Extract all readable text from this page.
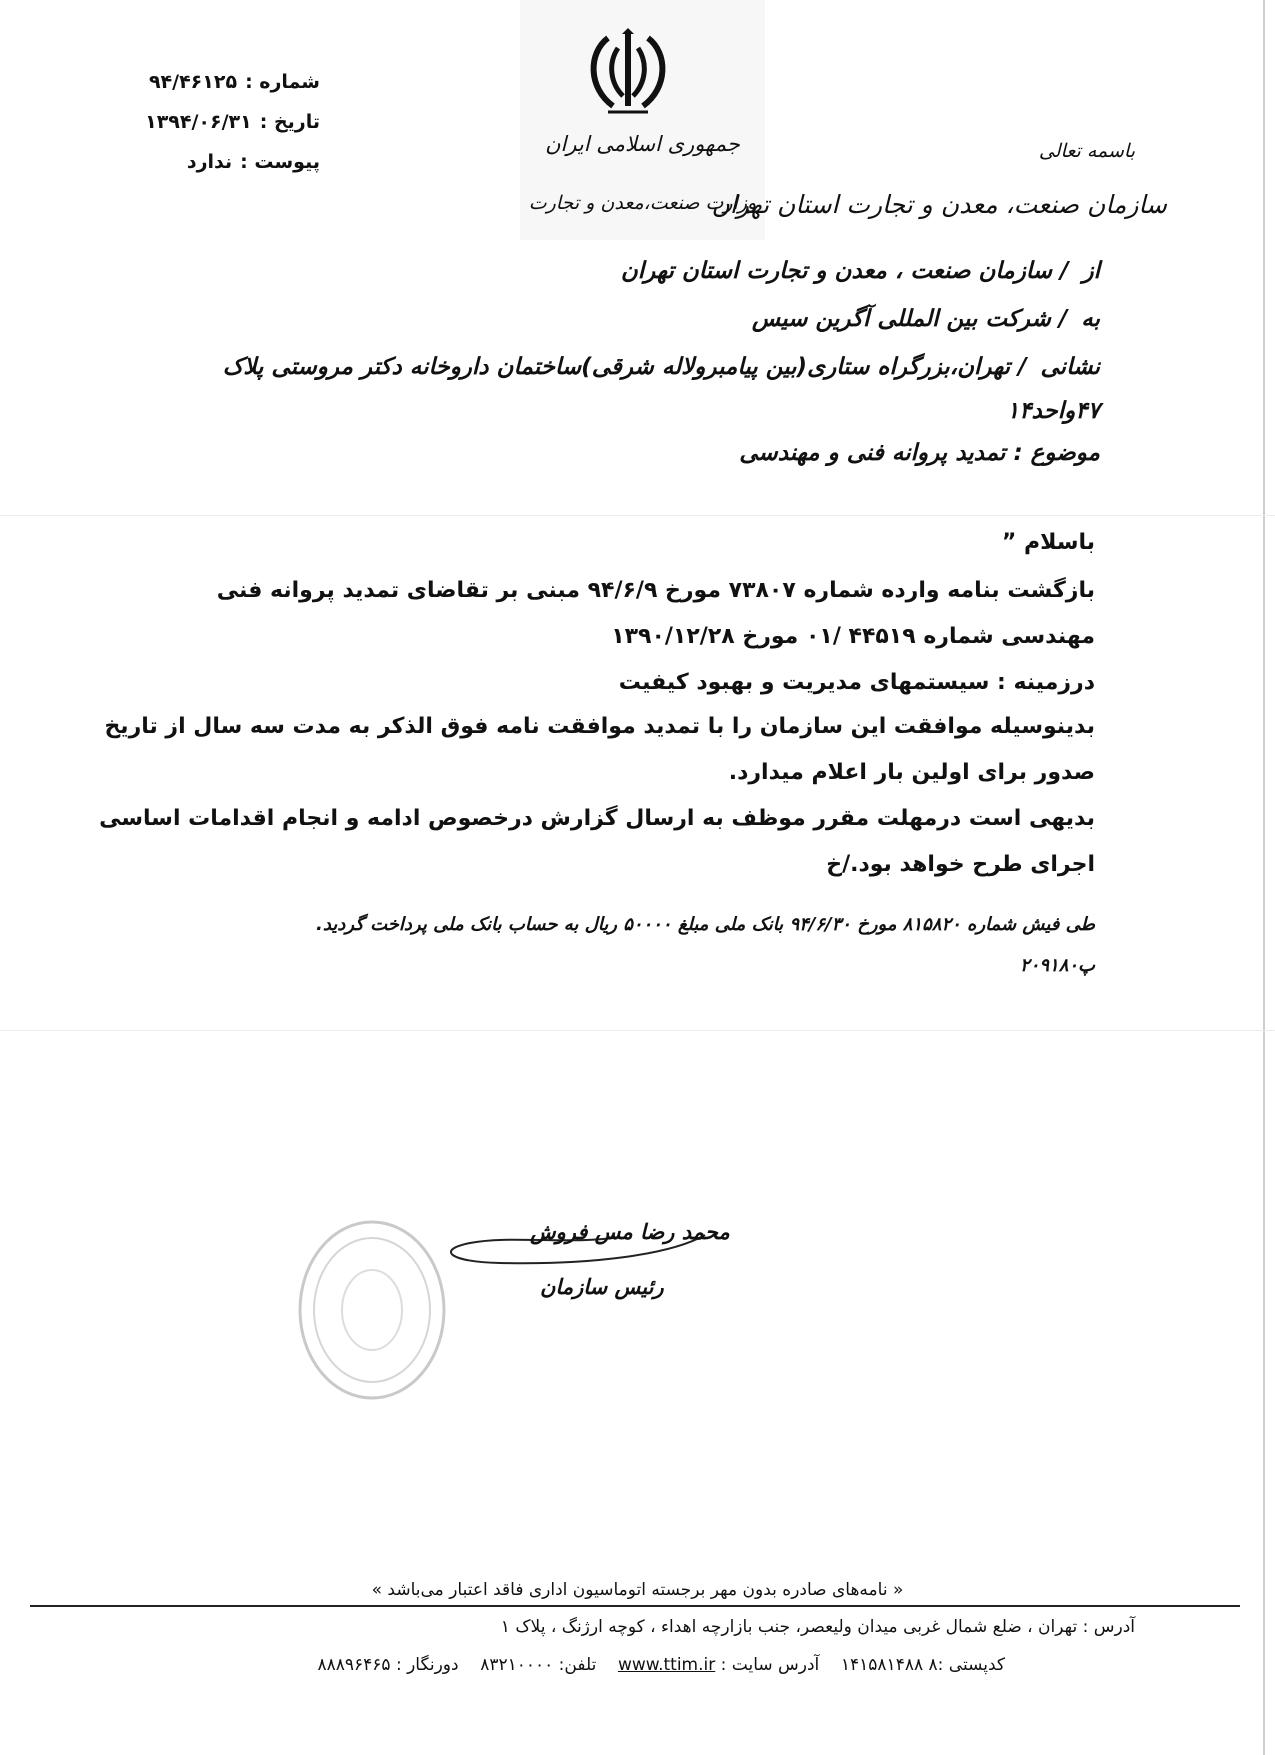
شماره :
۹۴/۴۶۱۲۵
تاریخ :
۱۳۹۴/۰۶/۳۱
پیوست :
ندارد
جمهوری اسلامی ایران
وزارت صنعت،معدن و تجارت
باسمه تعالی
سازمان صنعت، معدن و تجارت استان تهران
از/ سازمان صنعت ، معدن و تجارت استان تهران
به/ شرکت بین المللی آگرین سیس
نشانی/ تهران،بزرگراه ستاری(بین پیامبرولاله شرقی)ساختمان داروخانه دکتر مروستی پلاک
۴۷واحد۱۴
موضوع : تمدید پروانه فنی و مهندسی
باسلام ”
بازگشت بنامه وارده شماره ۷۳۸۰۷ مورخ ۹۴/۶/۹ مبنی بر تقاضای تمدید پروانه فنی
مهندسی شماره ۴۴۵۱۹ /۰۱ مورخ ۱۳۹۰/۱۲/۲۸
درزمینه : سیستمهای مدیریت و بهبود کیفیت
بدینوسیله موافقت این سازمان را با تمدید موافقت نامه فوق الذکر به مدت سه سال از تاریخ
صدور برای اولین بار اعلام میدارد.
بدیهی است درمهلت مقرر موظف به ارسال گزارش درخصوص ادامه و انجام اقدامات اساسی
اجرای طرح خواهد بود./خ
طی فیش شماره ۸۱۵۸۲۰ مورخ ۹۴/۶/۳۰ بانک ملی مبلغ ۵۰۰۰۰ ریال به حساب بانک ملی پرداخت گردید.
پ۲۰۹۱۸۰
محمد رضا مس فروش
رئیس سازمان
« نامه‌های صادره بدون مهر برجسته اتوماسیون اداری فاقد اعتبار می‌باشد »
آدرس : تهران ، ضلع شمال غربی میدان ولیعصر، جنب بازارچه اهداء ، کوچه ارژنگ ، پلاک ۱
کدپستی :۸ ۱۴۱۵۸۱۴۸۸    آدرس سایت : www.ttim.ir    تلفن: ۸۳۲۱۰۰۰۰    دورنگار : ۸۸۸۹۶۴۶۵
